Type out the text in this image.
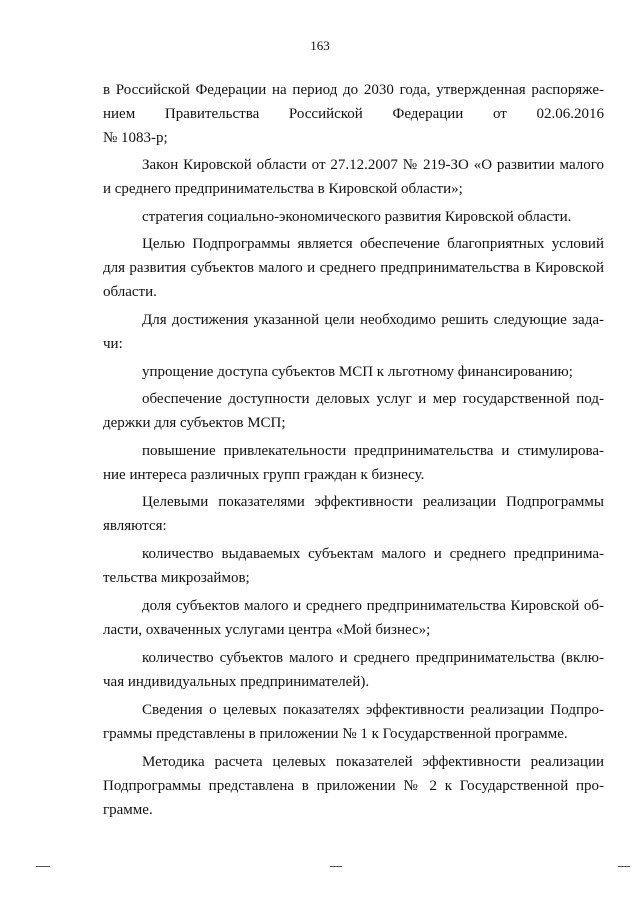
163
в Российской Федерации на период до 2030 года, утвержденная распоряже-
нием Правительства Российской Федерации от 02.06.2016
№ 1083-р;
Закон Кировской области от 27.12.2007 № 219-ЗО «О развитии малого
и среднего предпринимательства в Кировской области»;
стратегия социально-экономического развития Кировской области.
Целью Подпрограммы является обеспечение благоприятных условий
для развития субъектов малого и среднего предпринимательства в Кировской
области.
Для достижения указанной цели необходимо решить следующие зада-
чи:
упрощение доступа субъектов МСП к льготному финансированию;
обеспечение доступности деловых услуг и мер государственной под-
держки для субъектов МСП;
повышение привлекательности предпринимательства и стимулирова-
ние интереса различных групп граждан к бизнесу.
Целевыми показателями эффективности реализации Подпрограммы
являются:
количество выдаваемых субъектам малого и среднего предпринима-
тельства микрозаймов;
доля субъектов малого и среднего предпринимательства Кировской об-
ласти, охваченных услугами центра «Мой бизнес»;
количество субъектов малого и среднего предпринимательства (вклю-
чая индивидуальных предпринимателей).
Сведения о целевых показателях эффективности реализации Подпро-
граммы представлены в приложении № 1 к Государственной программе.
Методика расчета целевых показателей эффективности реализации
Подпрограммы представлена в приложении № 2 к Государственной про-
грамме.
